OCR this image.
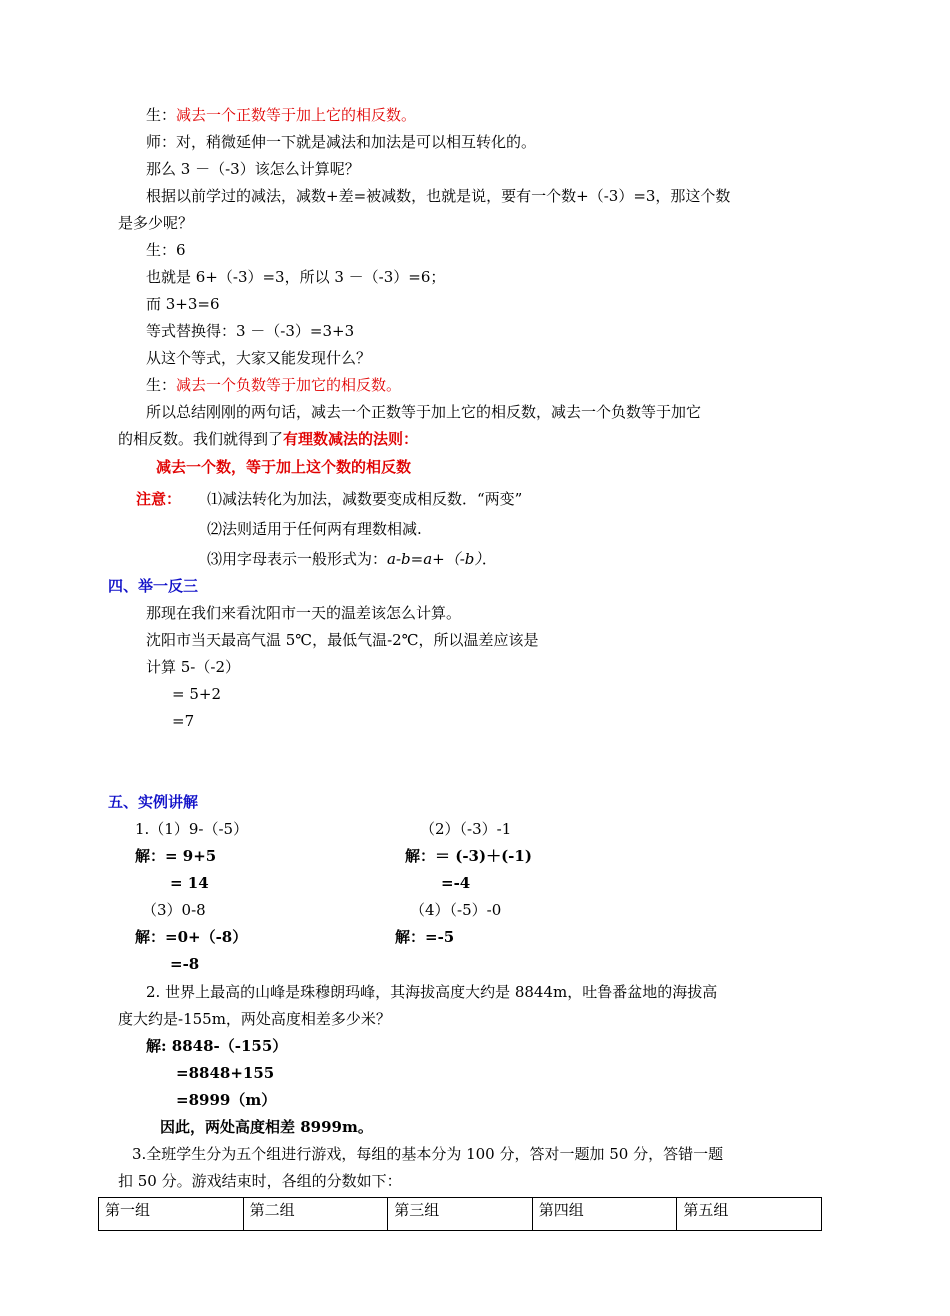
生：减去一个正数等于加上它的相反数。
师：对，稍微延伸一下就是减法和加法是可以相互转化的。
那么 3 －（-3）该怎么计算呢？
根据以前学过的减法，减数+差=被减数，也就是说，要有一个数+（-3）=3，那这个数
是多少呢？
生：6
也就是 6+（-3）=3，所以 3 －（-3）=6；
而 3+3=6
等式替换得：3 －（-3）=3+3
从这个等式，大家又能发现什么？
生：减去一个负数等于加它的相反数。
所以总结刚刚的两句话，减去一个正数等于加上它的相反数，减去一个负数等于加它
的相反数。我们就得到了有理数减法的法则：
减去一个数，等于加上这个数的相反数
注意： ⑴减法转化为加法，减数要变成相反数．“两变”
⑵法则适用于任何两有理数相减.
⑶用字母表示一般形式为：a-b=a+（-b）．
四、举一反三
那现在我们来看沈阳市一天的温差该怎么计算。
沈阳市当天最高气温 5℃，最低气温-2℃，所以温差应该是
计算 5-（-2）
= 5+2
=7
五、实例讲解
1.（1）9-（-5）	（2）（-3）-1
解：= 9+5	解：＝ (-3)＋(-1)
= 14	=-4
（3）0-8	（4）（-5）-0
解：=0+（-8）	解：=-5
=-8
2. 世界上最高的山峰是珠穆朗玛峰，其海拔高度大约是 8844m，吐鲁番盆地的海拔高
度大约是-155m，两处高度相差多少米？
解: 8848-（-155）
=8848+155
=8999（m）
因此，两处高度相差 8999m。
3.全班学生分为五个组进行游戏，每组的基本分为 100 分，答对一题加 50 分，答错一题
扣 50 分。游戏结束时，各组的分数如下：
第一组	第二组	第三组	第四组	第五组
